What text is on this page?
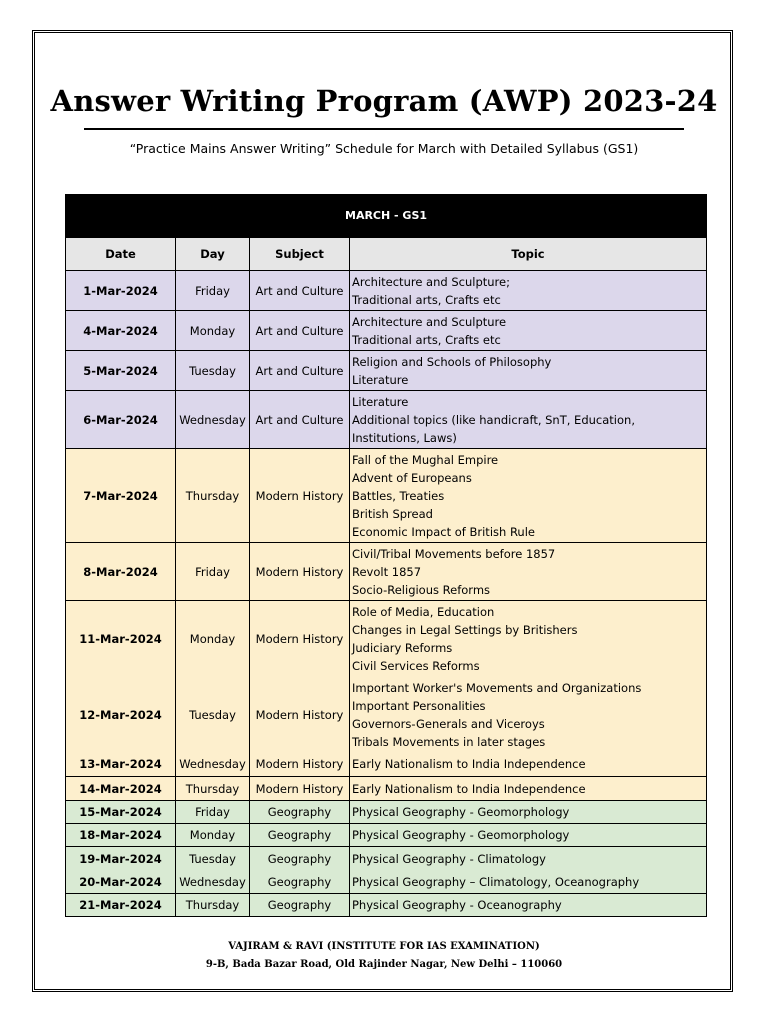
Answer Writing Program (AWP) 2023-24
“Practice Mains Answer Writing” Schedule for March with Detailed Syllabus (GS1)
MARCH - GS1			
Date	Day	Subject	Topic
1-Mar-2024	Friday	Art and Culture	Architecture and Sculpture;
Traditional arts, Crafts etc

4-Mar-2024	Monday	Art and Culture	Architecture and Sculpture
Traditional arts, Crafts etc

5-Mar-2024	Tuesday	Art and Culture	Religion and Schools of Philosophy
Literature

6-Mar-2024	Wednesday	Art and Culture	Literature
Additional topics (like handicraft, SnT, Education, Institutions, Laws)

7-Mar-2024	Thursday	Modern History	Fall of the Mughal Empire
Advent of Europeans
Battles, Treaties
British Spread
Economic Impact of British Rule

8-Mar-2024	Friday	Modern History	Civil/Tribal Movements before 1857
Revolt 1857
Socio-Religious Reforms

11-Mar-2024	Monday	Modern History	Role of Media, Education
Changes in Legal Settings by Britishers
Judiciary Reforms
Civil Services Reforms

12-Mar-2024	Tuesday	Modern History	Important Worker's Movements and Organizations
Important Personalities
Governors-Generals and Viceroys
Tribals Movements in later stages

13-Mar-2024	Wednesday	Modern History	Early Nationalism to India Independence

14-Mar-2024	Thursday	Modern History	Early Nationalism to India Independence

15-Mar-2024	Friday	Geography	Physical Geography - Geomorphology

18-Mar-2024	Monday	Geography	Physical Geography - Geomorphology

19-Mar-2024	Tuesday	Geography	Physical Geography - Climatology

20-Mar-2024	Wednesday	Geography	Physical Geography – Climatology, Oceanography

21-Mar-2024	Thursday	Geography	Physical Geography - Oceanography
VAJIRAM & RAVI (INSTITUTE FOR IAS EXAMINATION)
9-B, Bada Bazar Road, Old Rajinder Nagar, New Delhi – 110060
